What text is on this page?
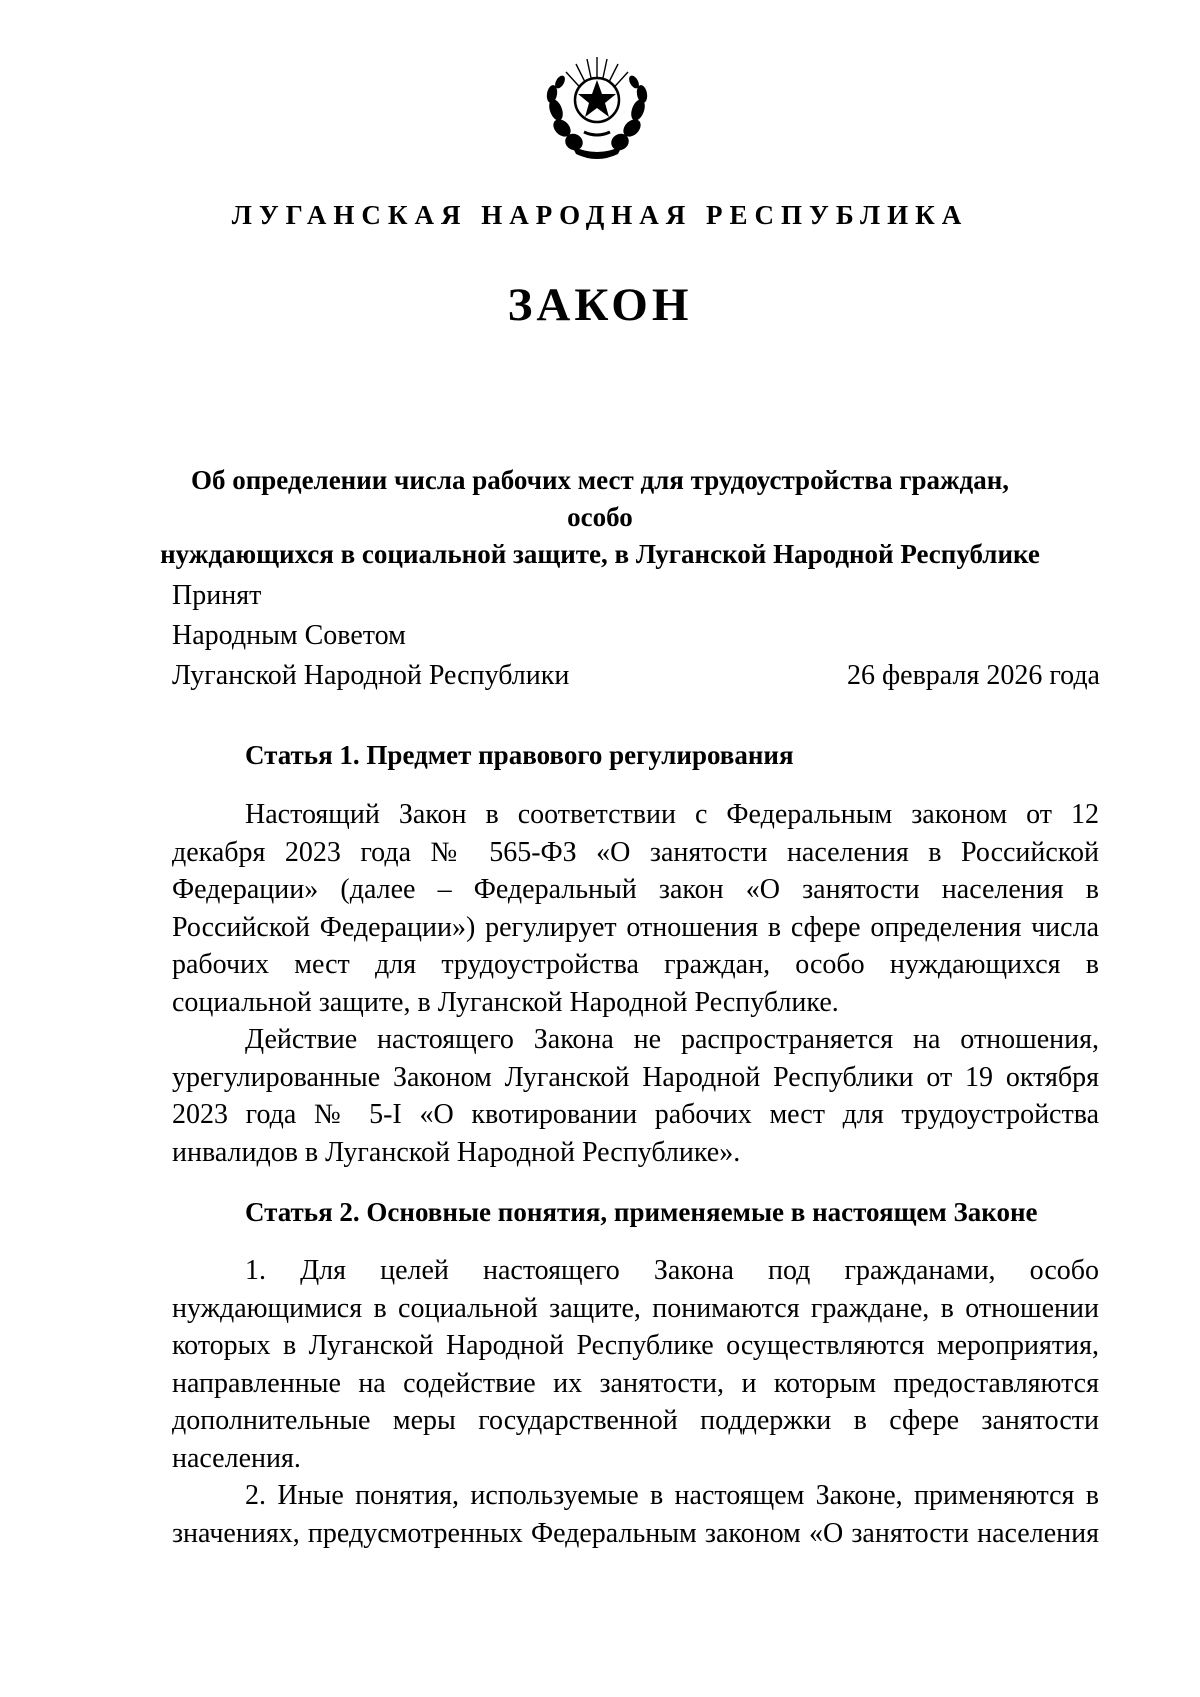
ЛУГАНСКАЯ НАРОДНАЯ РЕСПУБЛИКА
ЗАКОН
Об определении числа рабочих мест для трудоустройства граждан, особо
нуждающихся в социальной защите, в Луганской Народной Республике
Принят
Народным Советом
Луганской Народной Республики	26 февраля 2026 года
Статья 1. Предмет правового регулирования

Настоящий Закон в соответствии с Федеральным законом от 12 декабря 2023 года № 565-ФЗ «О занятости населения в Российской Федерации» (далее – Федеральный закон «О занятости населения в Российской Федерации») регулирует отношения в сфере определения числа рабочих мест для трудоустройства граждан, особо нуждающихся в социальной защите, в Луганской Народной Республике.

Действие настоящего Закона не распространяется на отношения, урегулированные Законом Луганской Народной Республики от 19 октября 2023 года № 5-I «О квотировании рабочих мест для трудоустройства инвалидов в Луганской Народной Республике».

Статья 2. Основные понятия, применяемые в настоящем Законе

1. Для целей настоящего Закона под гражданами, особо нуждающимися в социальной защите, понимаются граждане, в отношении которых в Луганской Народной Республике осуществляются мероприятия, направленные на содействие их занятости, и которым предоставляются дополнительные меры государственной поддержки в сфере занятости населения.

2. Иные понятия, используемые в настоящем Законе, применяются в значениях, предусмотренных Федеральным законом «О занятости населения
